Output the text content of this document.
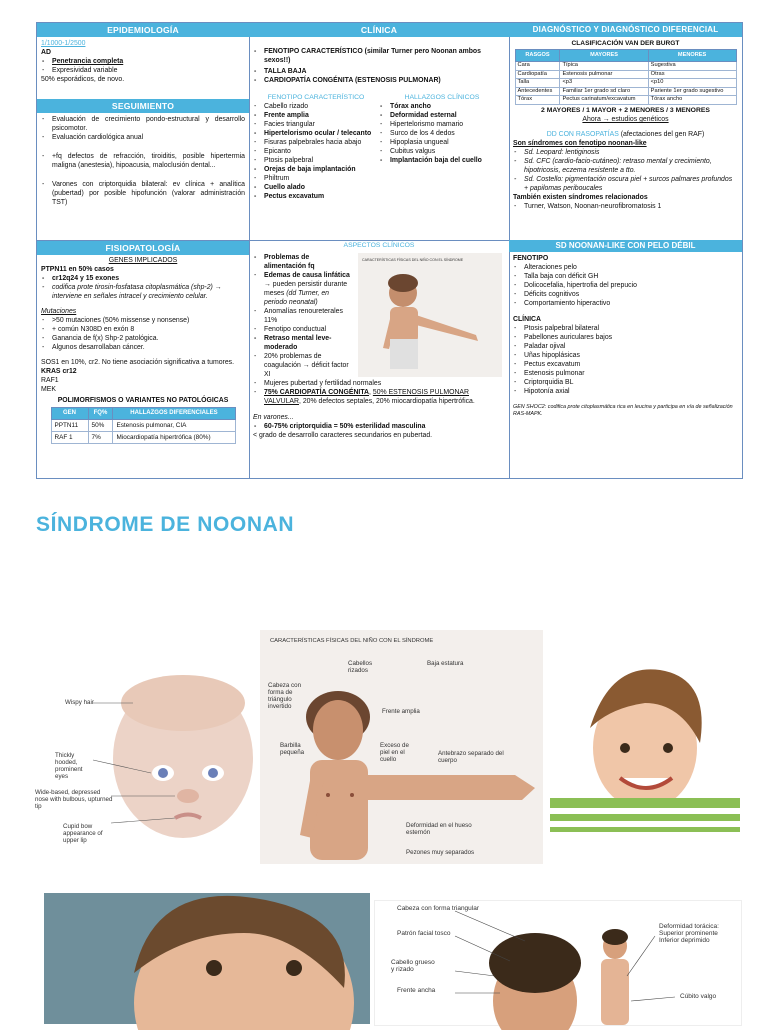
EPIDEMIOLOGÍA
1/1000-1/2500
AD
- Penetrancia completa
- Expresividad variable
50% esporádicos, de novo.
SEGUIMIENTO
- Evaluación de crecimiento pondo-estructural y desarrollo psicomotor.
- Evaluación cardiológica anual
- +fq defectos de refracción, tiroiditis, posible hipertermia maligna (anestesia), hipoacusia, maloclusión dental...
- Varones con criptorquidia bilateral: ev clínica + analítica (pubertad) por posible hipofunción (valorar administración TST)
FISIOPATOLOGÍA
GENES IMPLICADOS
PTPN11 en 50% casos
- cr12q24 y 15 exones
- codifica prote tirosin-fosfatasa citoplasmática (shp-2) → interviene en señales intracel y crecimiento celular.
Mutaciones
- >50 mutaciones (50% missense y nonsense)
- + común N308D en exón 8
- Ganancia de f(x) Shp-2 patológica.
- Algunos desarrollaban cáncer.
SOS1 en 10%, cr2. No tiene asociación significativa a tumores.
KRAS cr12
RAF1
MEK
POLIMORFISMOS O VARIANTES NO PATOLÓGICAS
GEN	FQ%	HALLAZGOS DIFERENCIALES
PPTN11	50%	Estenosis pulmonar, CIA
RAF 1	7%	Miocardiopatía hipertrófica (80%)
CLÍNICA
- FENOTIPO CARACTERÍSTICO (similar Turner pero Noonan ambos sexos!!)
- TALLA BAJA
- CARDIOPATÍA CONGÉNITA (ESTENOSIS PULMONAR)
FENOTIPO CARACTERÍSTICO
- Cabello rizado
- Frente amplia
- Facies triangular
- Hipertelorismo ocular / telecanto
- Fisuras palpebrales hacia abajo
- Epicanto
- Ptosis palpebral
- Orejas de baja implantación
- Philtrum
- Cuello alado
- Pectus excavatum
HALLAZGOS CLÍNICOS
- Tórax ancho
- Deformidad esternal
- Hipertelorismo mamario
- Surco de los 4 dedos
- Hipoplasia ungueal
- Cubitus valgus
- Implantación baja del cuello
ASPECTOS CLÍNICOS
- Problemas de alimentación fq
- Edemas de causa linfática → pueden persistir durante meses (dd Turner, en periodo neonatal)
- Anomalías renoureterales 11%
- Fenotipo conductual
- Retraso mental leve-moderado
- 20% problemas de coagulación → déficit factor XI
CARACTERÍSTICAS FÍSICAS DEL NIÑO CON EL SÍNDROME
- Mujeres pubertad y fertilidad normales
- 75% CARDIOPATÍA CONGÉNITA, 50% ESTENOSIS PULMONAR VALVULAR, 20% defectos septales, 20% miocardiopatía hipertrófica.
En varones...
- 60-75% criptorquidia = 50% esterilidad masculina
< grado de desarrollo caracteres secundarios en pubertad.
DIAGNÓSTICO Y DIAGNÓSTICO DIFERENCIAL
CLASIFICACIÓN VAN DER BURGT
RASGOS	MAYORES	MENORES
Cara	Típica	Sugestiva
Cardiopatía	Estenosis pulmonar	Otras
Talla	<p3	<p10
Antecedentes	Familiar 1er grado sd claro	Pariente 1er grado sugestivo
Tórax	Pectus carinatum/excavatum	Tórax ancho
2 MAYORES / 1 MAYOR + 2 MENORES / 3 MENORES
Ahora → estudios genéticos
DD CON RASOPATÍAS (afectaciones del gen RAF)
Son síndromes con fenotipo noonan-like
- Sd. Leopard: lentiginosis
- Sd. CFC (cardio-facio-cutáneo): retraso mental y crecimiento, hipotricosis, eczema resistente a tto.
- Sd. Costello: pigmentación oscura piel + surcos palmares profundos + papilomas periboucales
También existen síndromes relacionados
- Turner, Watson, Noonan-neurofibromatosis 1
SD NOONAN-LIKE CON PELO DÉBIL
FENOTIPO
- Alteraciones pelo
- Talla baja con déficit GH
- Dolicocefalia, hipertrofia del prepucio
- Déficits cognitivos
- Comportamiento hiperactivo
CLÍNICA
- Ptosis palpebral bilateral
- Pabellones auriculares bajos
- Paladar ojival
- Uñas hipoplásicas
- Pectus excavatum
- Estenosis pulmonar
- Criptorquidia BL
- Hipotonía axial
GEN SHOC2: codifica prote citoplasmática rica en leucina y participa en vía de señalización RAS-MAPK.
SÍNDROME DE NOONAN
Wispy hair
Thickly hooded, prominent eyes
Wide-based, depressed nose with bulbous, upturned tip
Cupid bow appearance of upper lip
CARACTERÍSTICAS FÍSICAS DEL NIÑO CON EL SÍNDROME
Cabellos rizados
Baja estatura
Cabeza con forma de triángulo invertido
Frente amplia
Barbilla pequeña
Exceso de piel en el cuello
Antebrazo separado del cuerpo
Deformidad en el hueso esternón
Pezones muy separados
Cabeza con forma triangular
Patrón facial tosco
Cabello grueso y rizado
Frente ancha
Deformidad torácica: Superior prominente Inferior deprimido
Cúbito valgo
